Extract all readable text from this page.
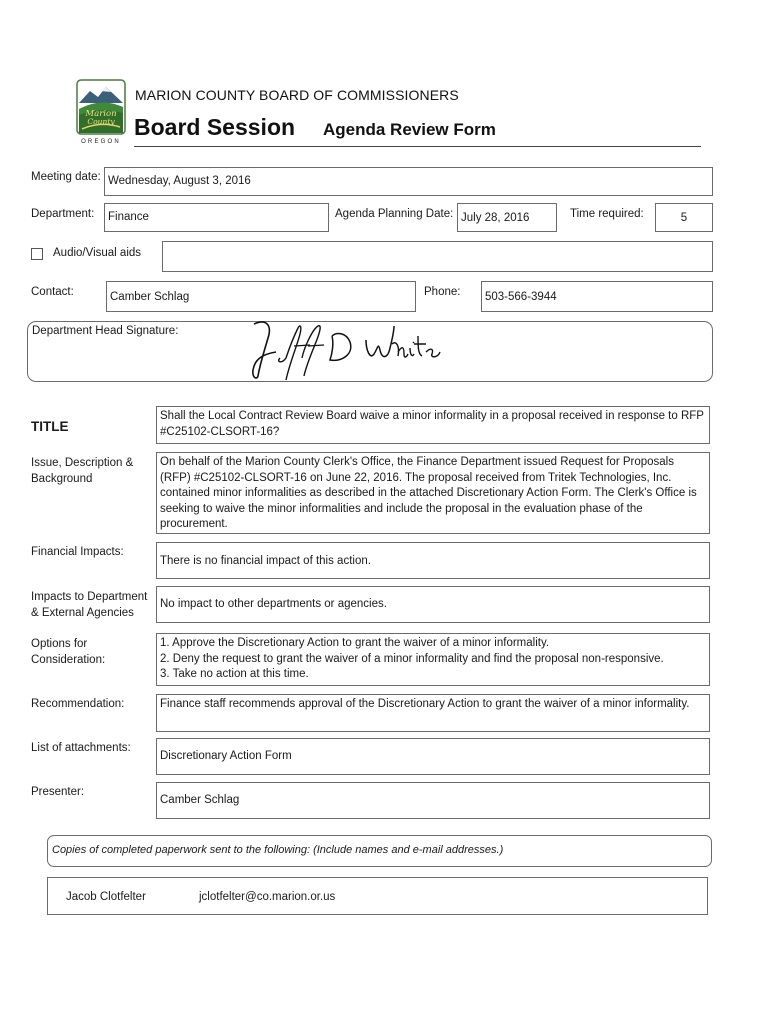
Marion
County
OREGON
MARION COUNTY BOARD OF COMMISSIONERS
Board Session Agenda Review Form
Meeting date: Wednesday, August 3, 2016
Department: Finance	Agenda Planning Date: July 28, 2016	Time required:	5
Audio/Visual aids
Contact:	Camber Schlag	Phone: 503-566-3944
Department Head Signature:
TITLE
Shall the Local Contract Review Board waive a minor informality in a proposal received in response to RFP #C25102-CLSORT-16?
Issue, Description &
Background
On behalf of the Marion County Clerk's Office, the Finance Department issued Request for Proposals (RFP) #C25102-CLSORT-16 on June 22, 2016. The proposal received from Tritek Technologies, Inc. contained minor informalities as described in the attached Discretionary Action Form. The Clerk's Office is seeking to waive the minor informalities and include the proposal in the evaluation phase of the procurement.
Financial Impacts:
There is no financial impact of this action.
Impacts to Department
& External Agencies
No impact to other departments or agencies.
Options for
Consideration:
1. Approve the Discretionary Action to grant the waiver of a minor informality.
2. Deny the request to grant the waiver of a minor informality and find the proposal non-responsive.
3. Take no action at this time.
Recommendation:	Finance staff recommends approval of the Discretionary Action to grant the waiver of a minor informality.
List of attachments:
Discretionary Action Form
Presenter:
Camber Schlag
Copies of completed paperwork sent to the following: (Include names and e-mail addresses.)
Jacob Clotfelter	jclotfelter@co.marion.or.us
